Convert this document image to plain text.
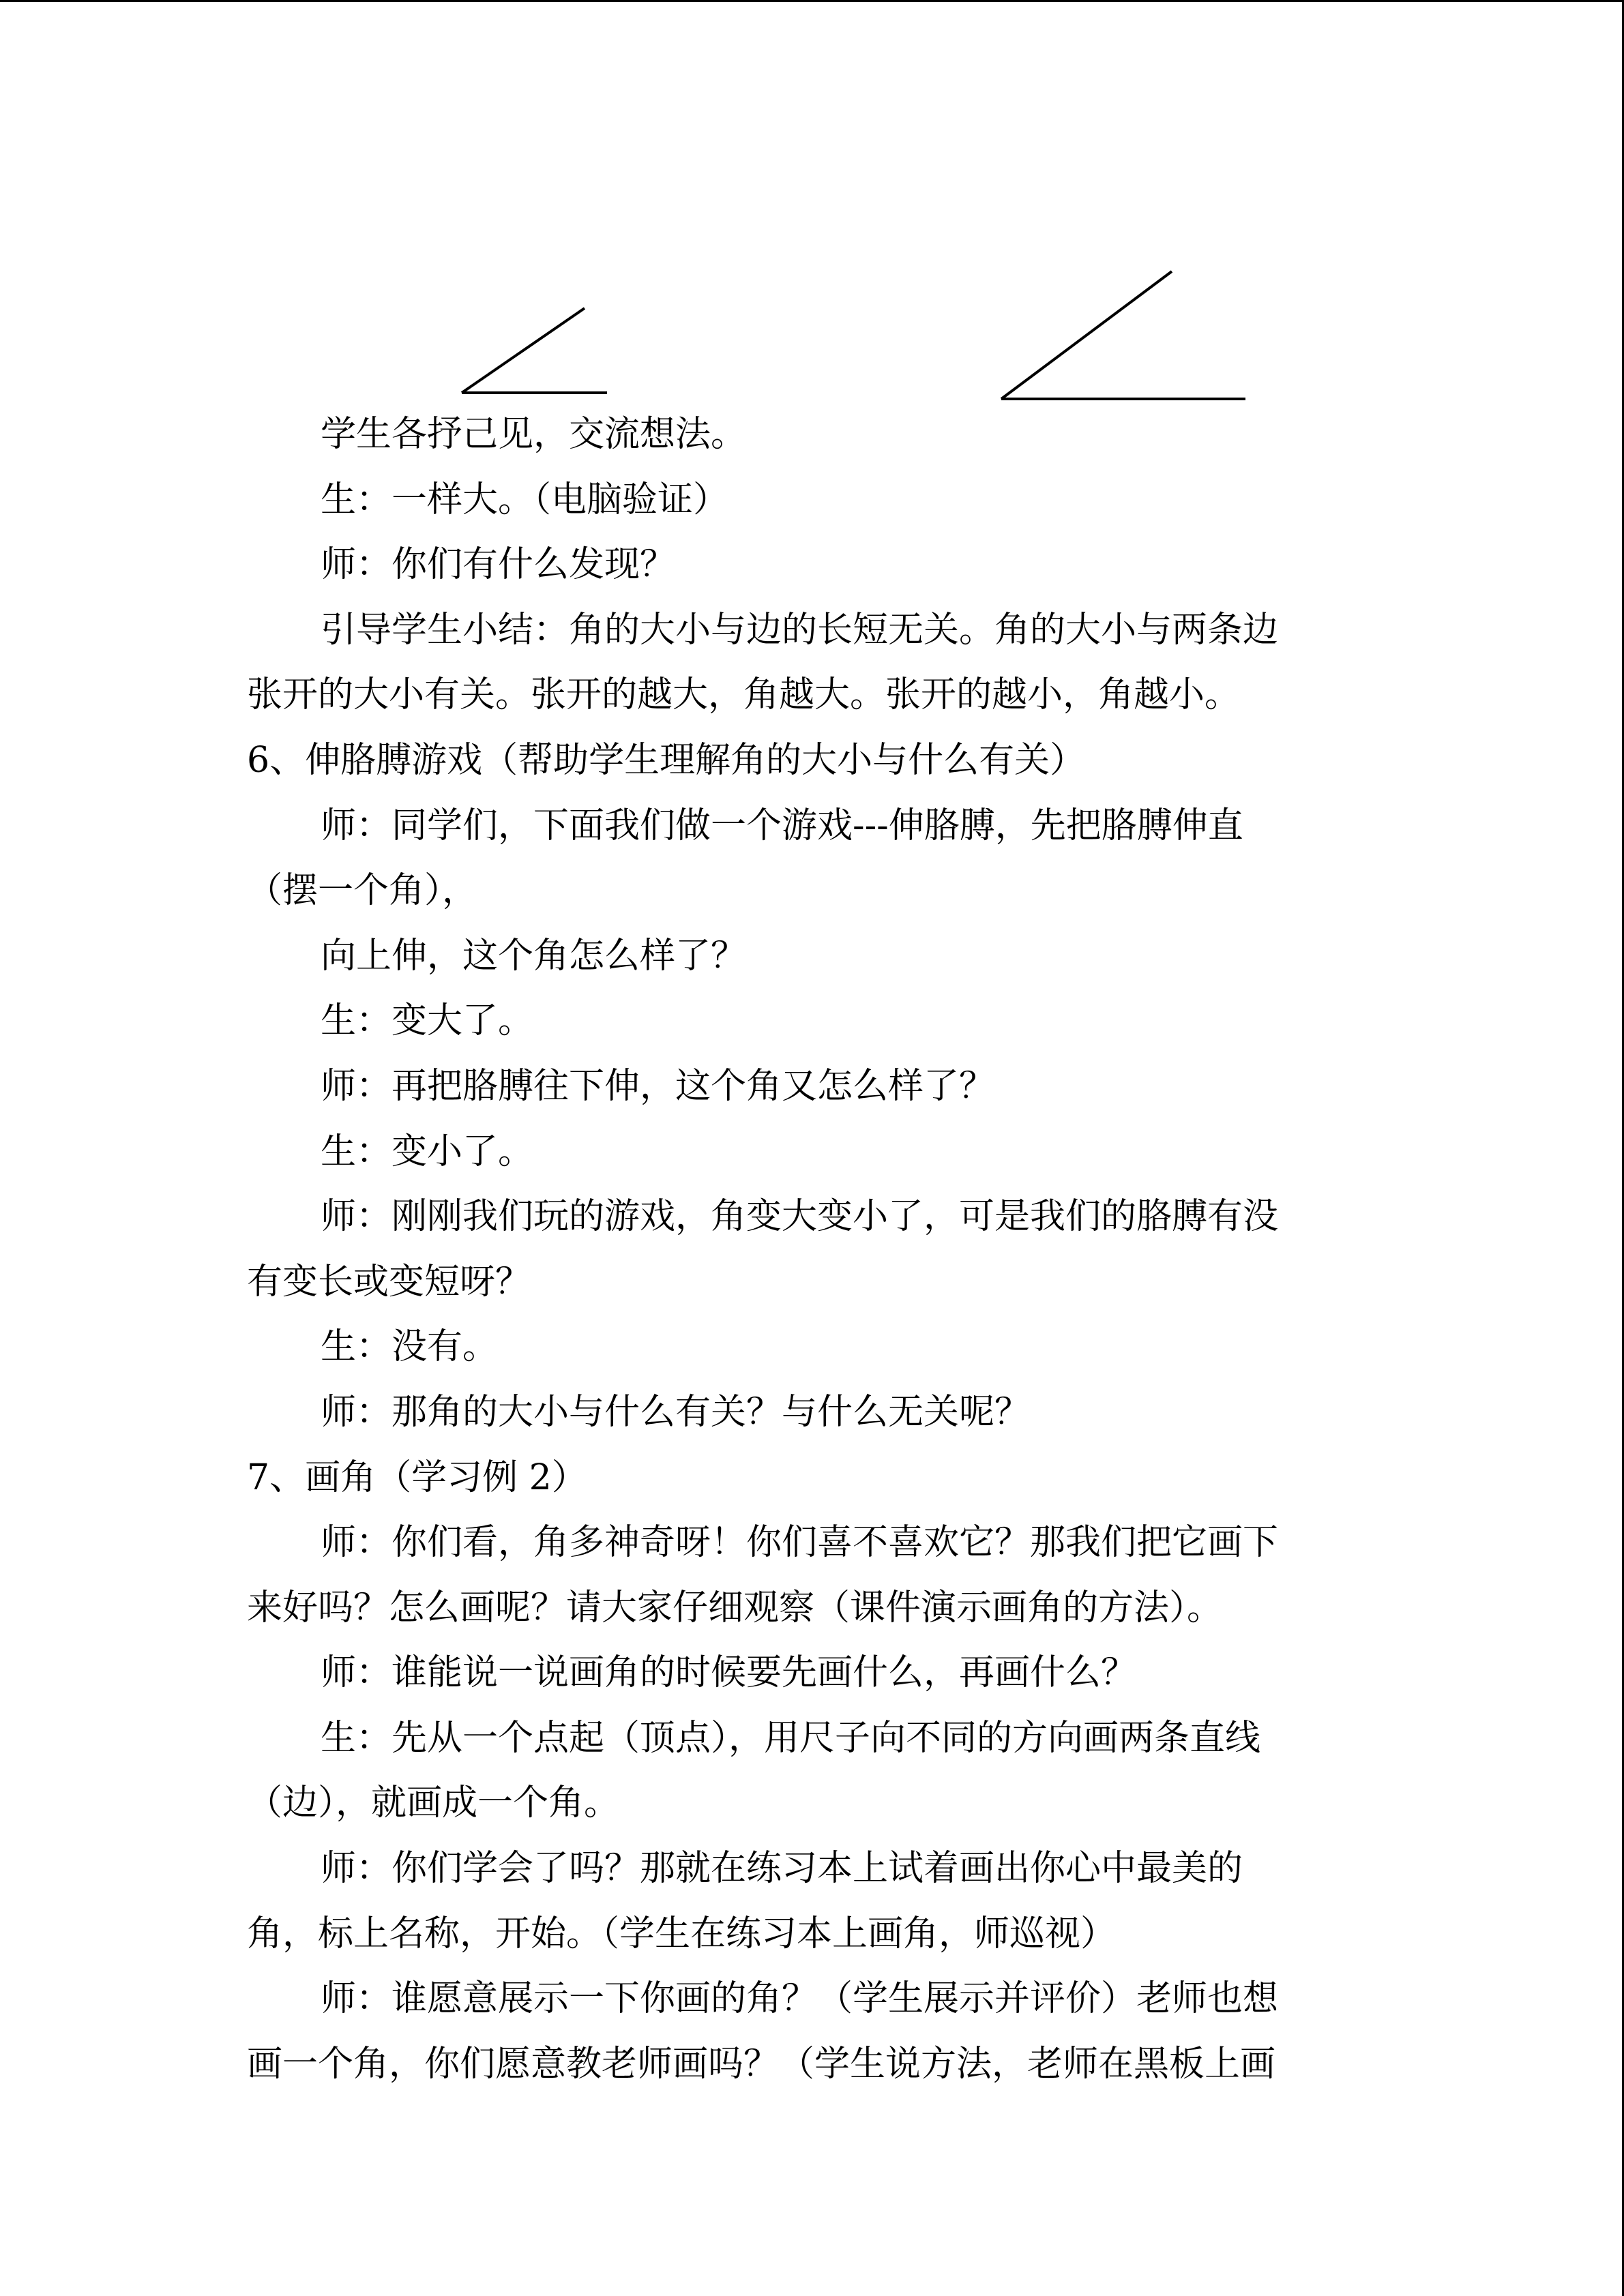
学生各抒己见，交流想法。

生：一样大。（电脑验证）

师：你们有什么发现？

引导学生小结：角的大小与边的长短无关。角的大小与两条边

张开的大小有关。张开的越大，角越大。张开的越小，角越小。

6、伸胳膊游戏（帮助学生理解角的大小与什么有关）

师：同学们，下面我们做一个游戏---伸胳膊，先把胳膊伸直

（摆一个角），

向上伸，这个角怎么样了？

生：变大了。

师：再把胳膊往下伸，这个角又怎么样了？

生：变小了。

师：刚刚我们玩的游戏，角变大变小了，可是我们的胳膊有没

有变长或变短呀？

生：没有。

师：那角的大小与什么有关？与什么无关呢？

7、画角（学习例 2）

师：你们看，角多神奇呀！你们喜不喜欢它？那我们把它画下

来好吗？怎么画呢？请大家仔细观察（课件演示画角的方法）。

师：谁能说一说画角的时候要先画什么，再画什么？

生：先从一个点起（顶点），用尺子向不同的方向画两条直线

（边），就画成一个角。

师：你们学会了吗？那就在练习本上试着画出你心中最美的

角，标上名称，开始。（学生在练习本上画角，师巡视）

师：谁愿意展示一下你画的角？（学生展示并评价）老师也想

画一个角，你们愿意教老师画吗？（学生说方法，老师在黑板上画
